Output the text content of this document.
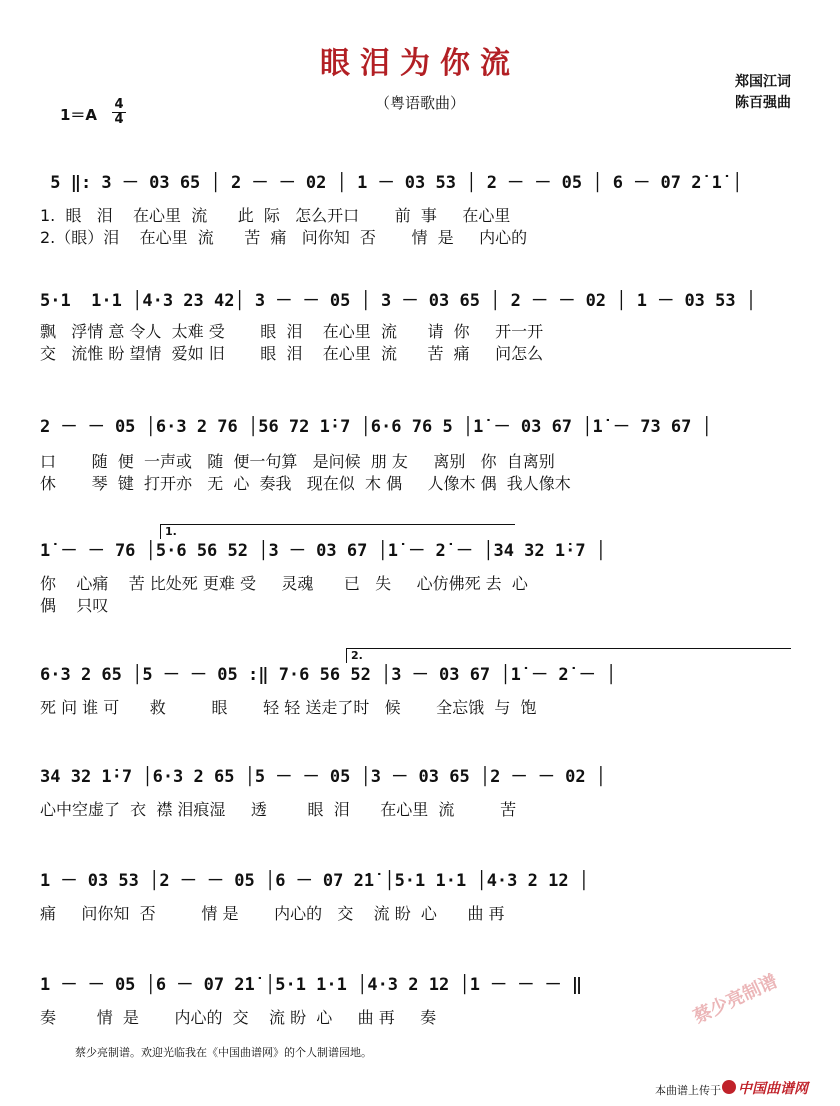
眼泪为你流
（粤语歌曲）
郑国江词
陈百强曲
1＝A
4
4
5 ‖: 3 － 03 65 │ 2 － － 02 │ 1 － 03 53 │ 2 － － 05 │ 6 － 07 2̇ 1̇ │
1.  眼   泪    在心里  流      此  际   怎么开口       前  事     在心里
2.（眼）泪    在心里  流      苦  痛   问你知  否       情  是     内心的
5·1  1·1 │4·3 23 42│ 3 － － 05 │ 3 － 03 65 │ 2 － － 02 │ 1 － 03 53 │
飘   浮情 意 令人  太难 受       眼  泪    在心里  流      请  你     开一开
交   流惟 盼 望情  爱如 旧       眼  泪    在心里  流      苦  痛     问怎么
2 － － 05 │6·3 2 76 │56 72 1̇·7 │6·6 76 5 │1̇ － 03 67 │1̇ － 73 67 │
口       随  便  一声或   随  便一句算   是问候  朋 友     离别   你  自离别
休       琴  键  打开亦   无  心  奏我   现在似  木 偶     人像木 偶  我人像木
1.
1̇ － － 76 │5·6 56 52 │3 － 03 67 │1̇ － 2̇ － │34 32 1̇·7 │
你    心痛    苦 比处死 更难 受     灵魂      已   失     心仿佛死 去  心
偶    只叹
2.
6·3 2 65 │5 － － 05 :‖ 7·6 56 52 │3 － 03 67 │1̇ － 2̇ － │
死 问 谁 可      救         眼       轻 轻 送走了时   候       全忘饿  与  饱
34 32 1̇·7 │6·3 2 65 │5 － － 05 │3 － 03 65 │2 － － 02 │
心中空虚了  衣  襟 泪痕湿     透        眼  泪      在心里  流         苦
1 － 03 53 │2 － － 05 │6 － 07 2̇1̇ │5·1 1·1 │4·3 2 12 │
痛     问你知  否         情 是       内心的   交    流 盼  心      曲 再
1 － － 05 │6 － 07 2̇1̇ │5·1 1·1 │4·3 2 12 │1 － － － ‖
奏        情  是       内心的  交    流 盼  心     曲 再     奏	蔡少亮制谱
蔡少亮制谱。欢迎光临我在《中国曲谱网》的个人制谱园地。
本曲谱上传于 中国曲谱网
